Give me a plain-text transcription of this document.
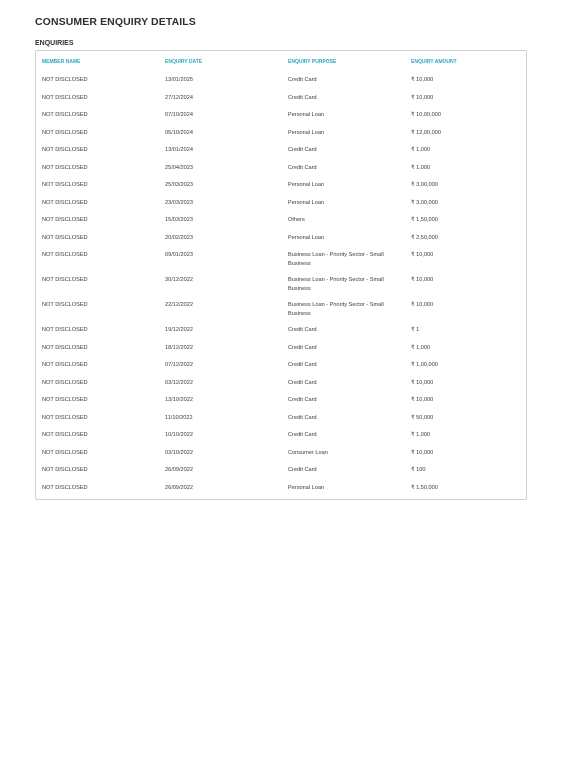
CONSUMER ENQUIRY DETAILS
ENQUIRIES
MEMBER NAME	ENQUIRY DATE	ENQUIRY PURPOSE	ENQUIRY AMOUNT
NOT DISCLOSED	13/01/2025	Credit Card	₹ 10,000
NOT DISCLOSED	27/12/2024	Credit Card	₹ 10,000
NOT DISCLOSED	07/10/2024	Personal Loan	₹ 10,00,000
NOT DISCLOSED	05/10/2024	Personal Loan	₹ 12,00,000
NOT DISCLOSED	13/01/2024	Credit Card	₹ 1,000
NOT DISCLOSED	25/04/2023	Credit Card	₹ 1,000
NOT DISCLOSED	25/03/2023	Personal Loan	₹ 3,00,000
NOT DISCLOSED	23/03/2023	Personal Loan	₹ 3,00,000
NOT DISCLOSED	15/03/2023	Others	₹ 1,50,000
NOT DISCLOSED	20/02/2023	Personal Loan	₹ 2,50,000
NOT DISCLOSED	09/01/2023	Business Loan - Priority Sector - Small Business	₹ 10,000
NOT DISCLOSED	30/12/2022	Business Loan - Priority Sector - Small Business	₹ 10,000
NOT DISCLOSED	22/12/2022	Business Loan - Priority Sector - Small Business	₹ 10,000
NOT DISCLOSED	19/12/2022	Credit Card	₹ 1
NOT DISCLOSED	18/12/2022	Credit Card	₹ 1,000
NOT DISCLOSED	07/12/2022	Credit Card	₹ 1,00,000
NOT DISCLOSED	03/12/2022	Credit Card	₹ 10,000
NOT DISCLOSED	13/10/2022	Credit Card	₹ 10,000
NOT DISCLOSED	11/10/2022	Credit Card	₹ 50,000
NOT DISCLOSED	10/10/2022	Credit Card	₹ 1,000
NOT DISCLOSED	03/10/2022	Consumer Loan	₹ 10,000
NOT DISCLOSED	26/09/2022	Credit Card	₹ 100
NOT DISCLOSED	26/09/2022	Personal Loan	₹ 1,50,000
